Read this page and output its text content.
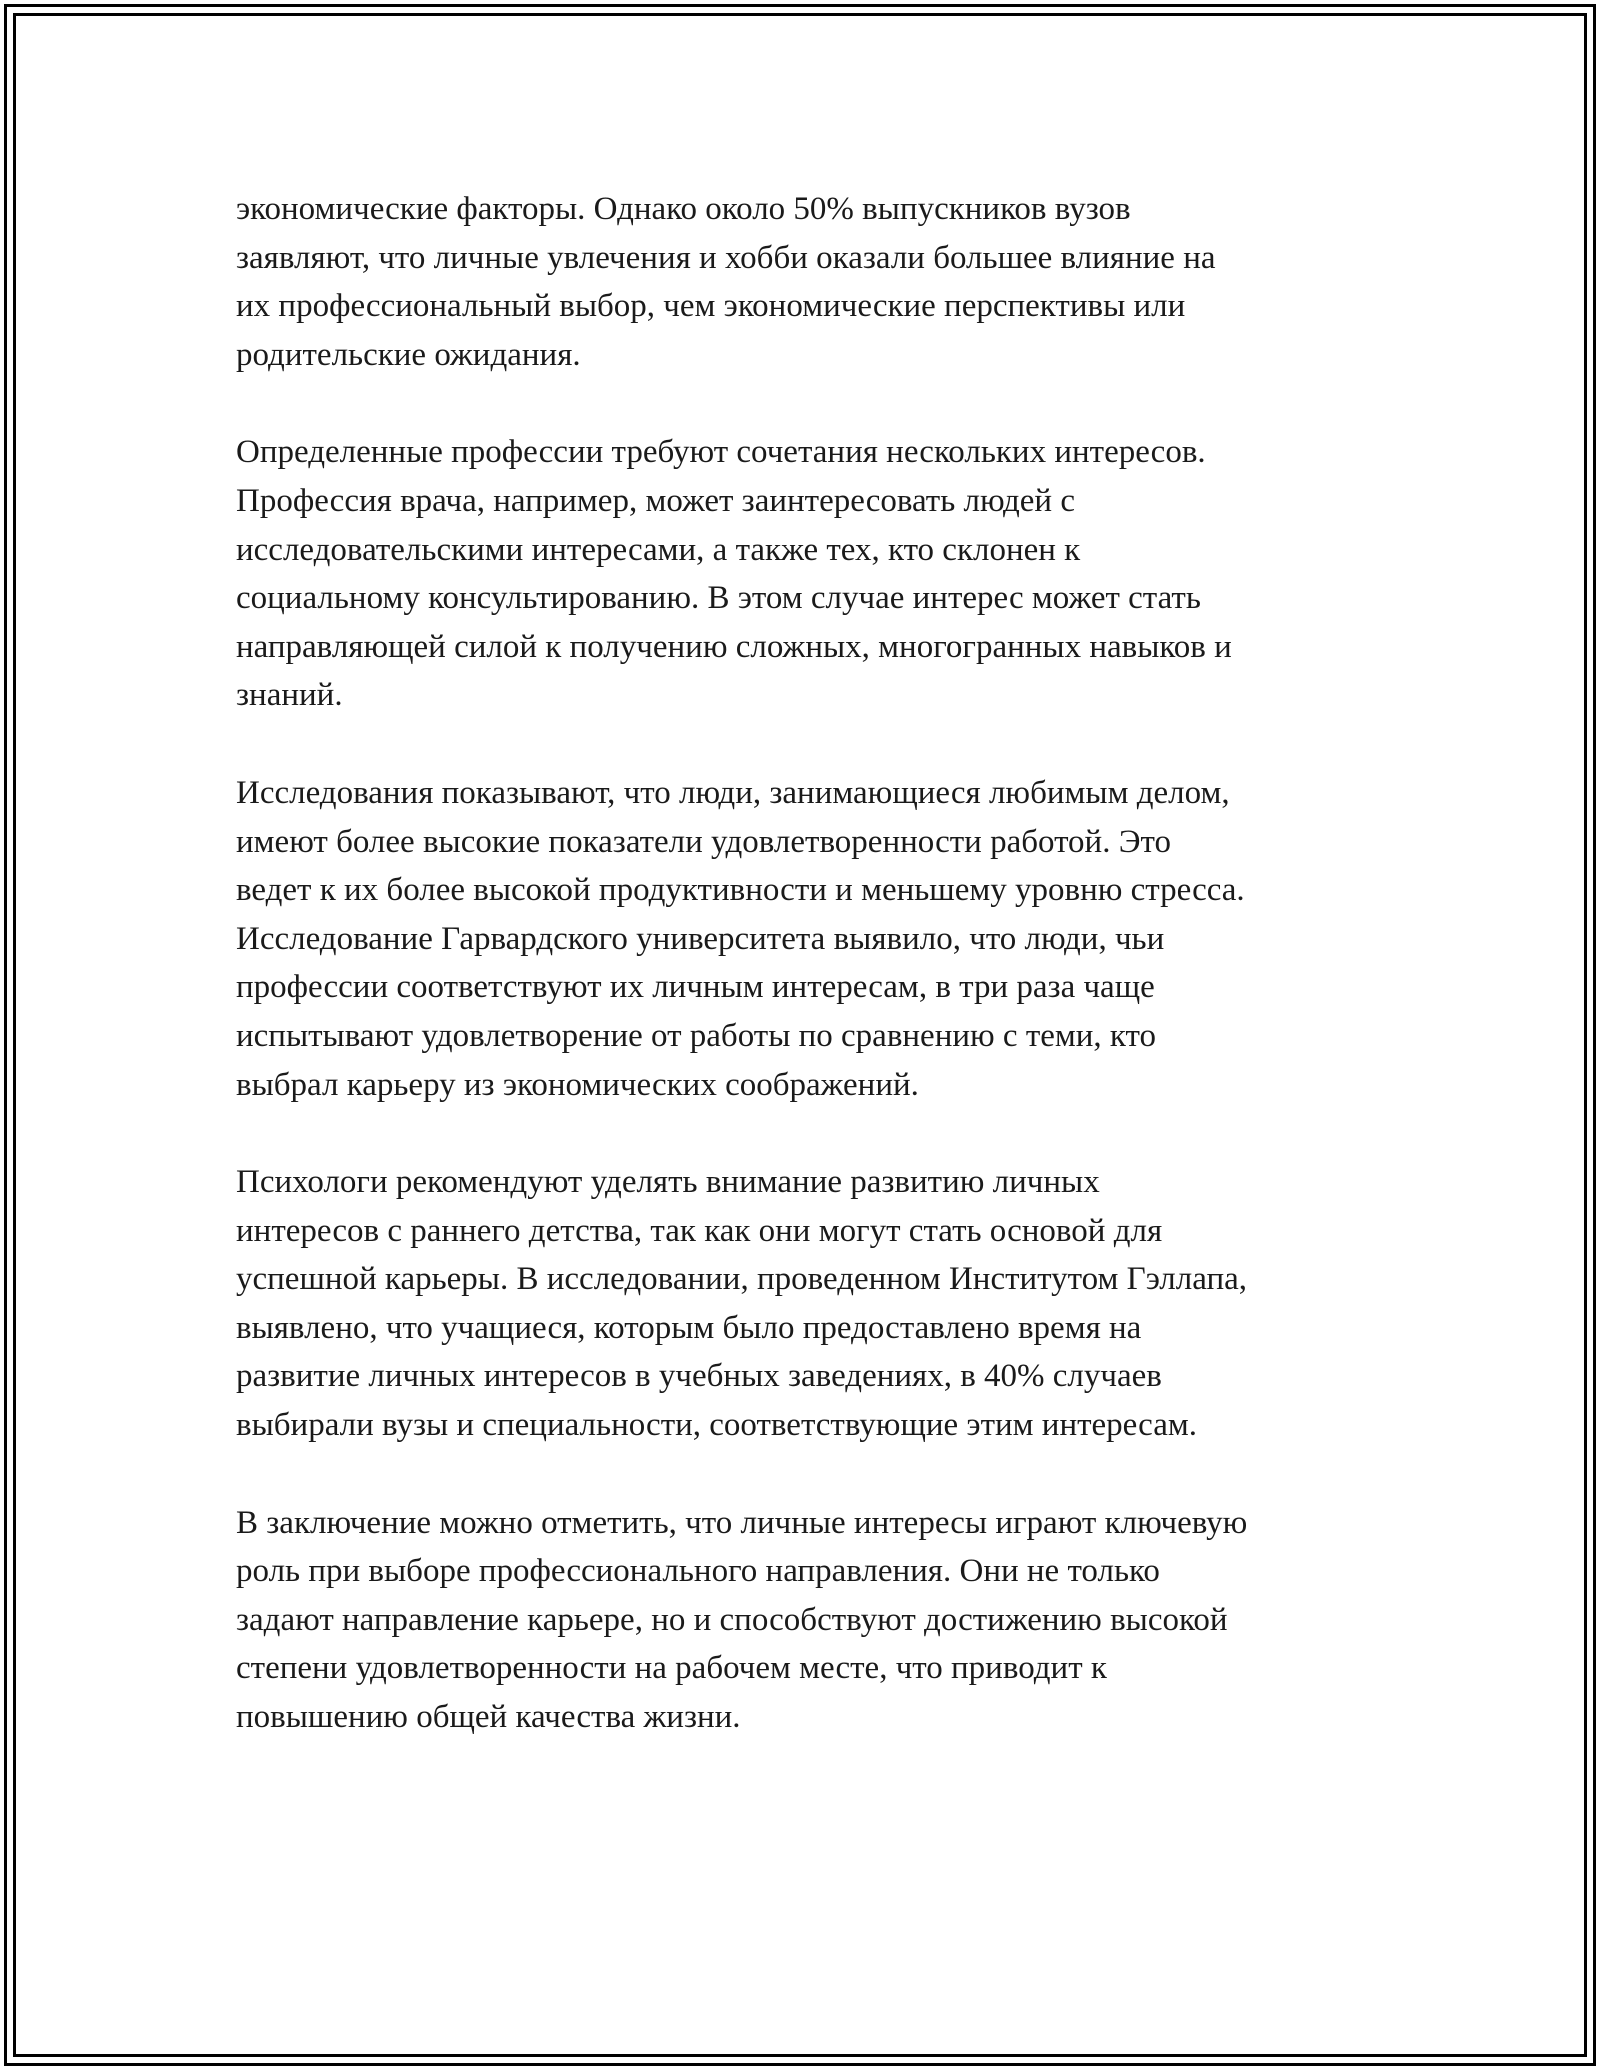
экономические факторы. Однако около 50% выпускников вузов
заявляют, что личные увлечения и хобби оказали большее влияние на
их профессиональный выбор, чем экономические перспективы или
родительские ожидания.

Определенные профессии требуют сочетания нескольких интересов.
Профессия врача, например, может заинтересовать людей с
исследовательскими интересами, а также тех, кто склонен к
социальному консультированию. В этом случае интерес может стать
направляющей силой к получению сложных, многогранных навыков и
знаний.

Исследования показывают, что люди, занимающиеся любимым делом,
имеют более высокие показатели удовлетворенности работой. Это
ведет к их более высокой продуктивности и меньшему уровню стресса.
Исследование Гарвардского университета выявило, что люди, чьи
профессии соответствуют их личным интересам, в три раза чаще
испытывают удовлетворение от работы по сравнению с теми, кто
выбрал карьеру из экономических соображений.

Психологи рекомендуют уделять внимание развитию личных
интересов с раннего детства, так как они могут стать основой для
успешной карьеры. В исследовании, проведенном Институтом Гэллапа,
выявлено, что учащиеся, которым было предоставлено время на
развитие личных интересов в учебных заведениях, в 40% случаев
выбирали вузы и специальности, соответствующие этим интересам.

В заключение можно отметить, что личные интересы играют ключевую
роль при выборе профессионального направления. Они не только
задают направление карьере, но и способствуют достижению высокой
степени удовлетворенности на рабочем месте, что приводит к
повышению общей качества жизни.
